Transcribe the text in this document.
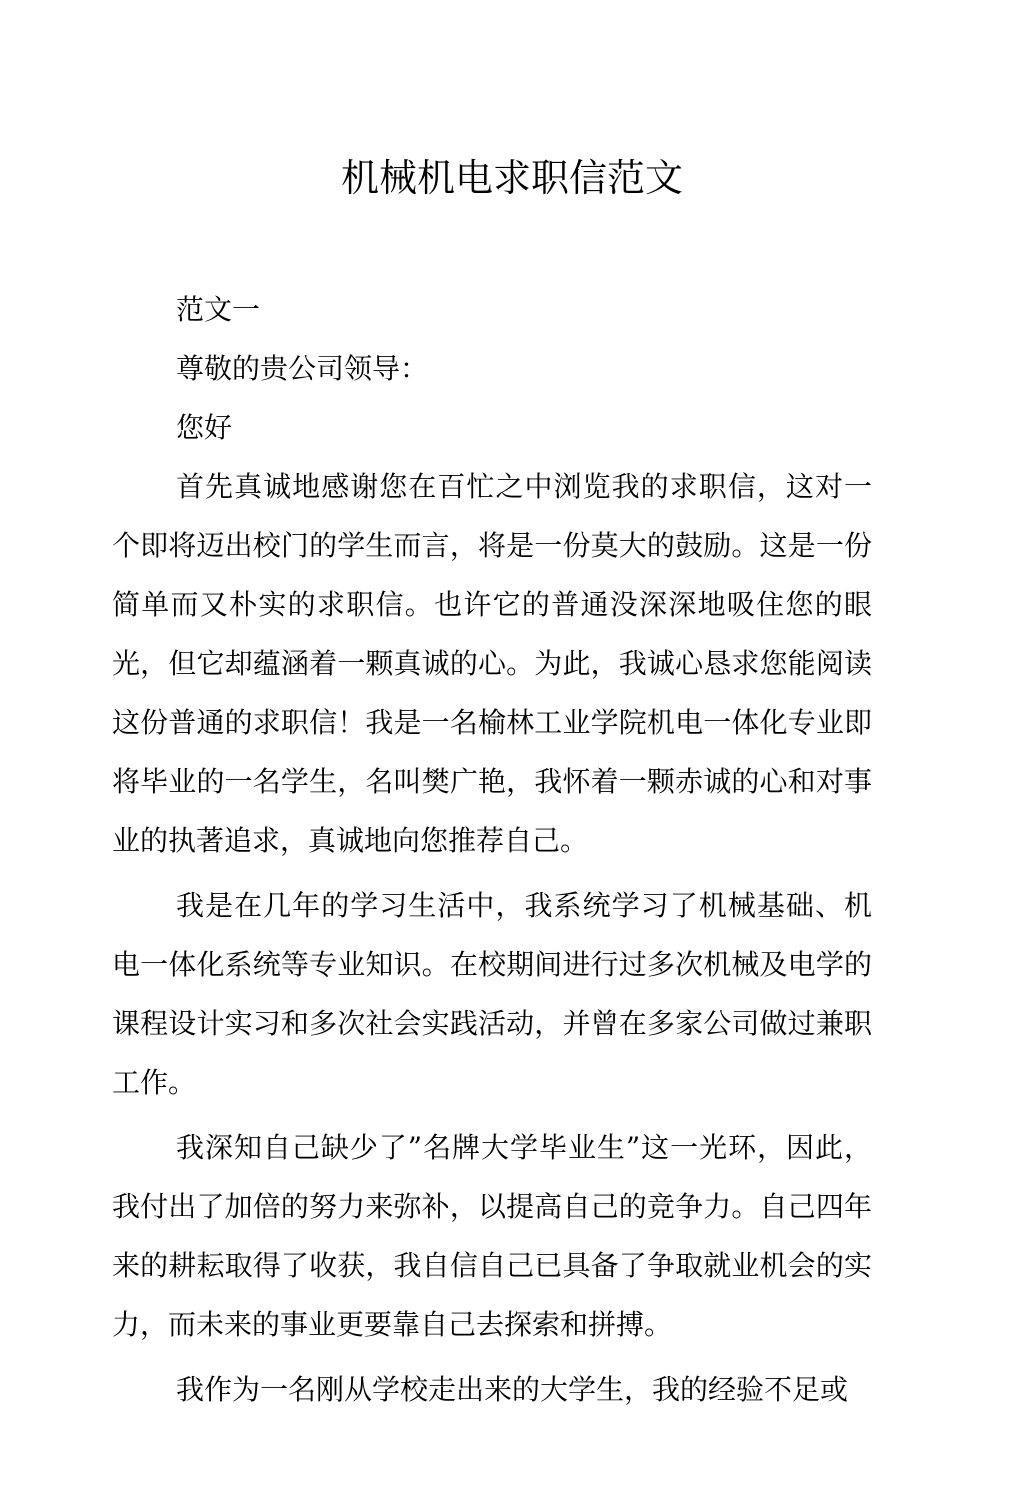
机械机电求职信范文

范文一

尊敬的贵公司领导：

您好

首先真诚地感谢您在百忙之中浏览我的求职信，这对一个即将迈出校门的学生而言，将是一份莫大的鼓励。这是一份简单而又朴实的求职信。也许它的普通没深深地吸住您的眼光，但它却蕴涵着一颗真诚的心。为此，我诚心恳求您能阅读这份普通的求职信！我是一名榆林工业学院机电一体化专业即将毕业的一名学生，名叫樊广艳，我怀着一颗赤诚的心和对事业的执著追求，真诚地向您推荐自己。

我是在几年的学习生活中，我系统学习了机械基础、机电一体化系统等专业知识。在校期间进行过多次机械及电学的课程设计实习和多次社会实践活动，并曾在多家公司做过兼职工作。

我深知自己缺少了”名牌大学毕业生”这一光环，因此，我付出了加倍的努力来弥补，以提高自己的竞争力。自己四年来的耕耘取得了收获，我自信自己已具备了争取就业机会的实力，而未来的事业更要靠自己去探索和拼搏。

我作为一名刚从学校走出来的大学生，我的经验不足或
